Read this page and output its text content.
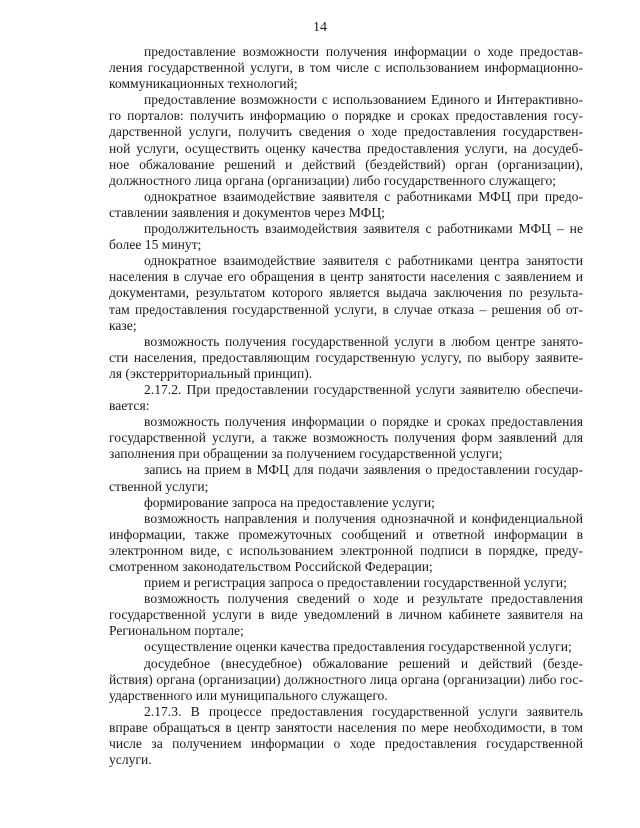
14

предоставление возможности получения информации о ходе предостав-
ления государственной услуги, в том числе с использованием информационно-
коммуникационных технологий;

предоставление возможности с использованием Единого и Интерактивно-
го порталов: получить информацию о порядке и сроках предоставления госу-
дарственной услуги, получить сведения о ходе предоставления государствен-
ной услуги, осуществить оценку качества предоставления услуги, на досудеб-
ное обжалование решений и действий (бездействий) орган (организации),
должностного лица органа (организации) либо государственного служащего;

однократное взаимодействие заявителя с работниками МФЦ при предо-
ставлении заявления и документов через МФЦ;

продолжительность взаимодействия заявителя с работниками МФЦ – не
более 15 минут;

однократное взаимодействие заявителя с работниками центра занятости
населения в случае его обращения в центр занятости населения с заявлением и
документами, результатом которого является выдача заключения по результа-
там предоставления государственной услуги, в случае отказа – решения об от-
казе;

возможность получения государственной услуги в любом центре занято-
сти населения, предоставляющим государственную услугу, по выбору заявите-
ля (экстерриториальный принцип).

2.17.2. При предоставлении государственной услуги заявителю обеспечи-
вается:

возможность получения информации о порядке и сроках предоставления
государственной услуги, а также возможность получения форм заявлений для
заполнения при обращении за получением государственной услуги;

запись на прием в МФЦ для подачи заявления о предоставлении государ-
ственной услуги;

формирование запроса на предоставление услуги;

возможность направления и получения однозначной и конфиденциальной
информации, также промежуточных сообщений и ответной информации в
электронном виде, с использованием электронной подписи в порядке, преду-
смотренном законодательством Российской Федерации;

прием и регистрация запроса о предоставлении государственной услуги;

возможность получения сведений о ходе и результате предоставления
государственной услуги в виде уведомлений в личном кабинете заявителя на
Региональном портале;

осуществление оценки качества предоставления государственной услуги;

досудебное (внесудебное) обжалование решений и действий (безде-
йствия) органа (организации) должностного лица органа (организации) либо гос-
ударственного или муниципального служащего.

2.17.3. В процессе предоставления государственной услуги заявитель
вправе обращаться в центр занятости населения по мере необходимости, в том
числе за получением информации о ходе предоставления государственной
услуги.
